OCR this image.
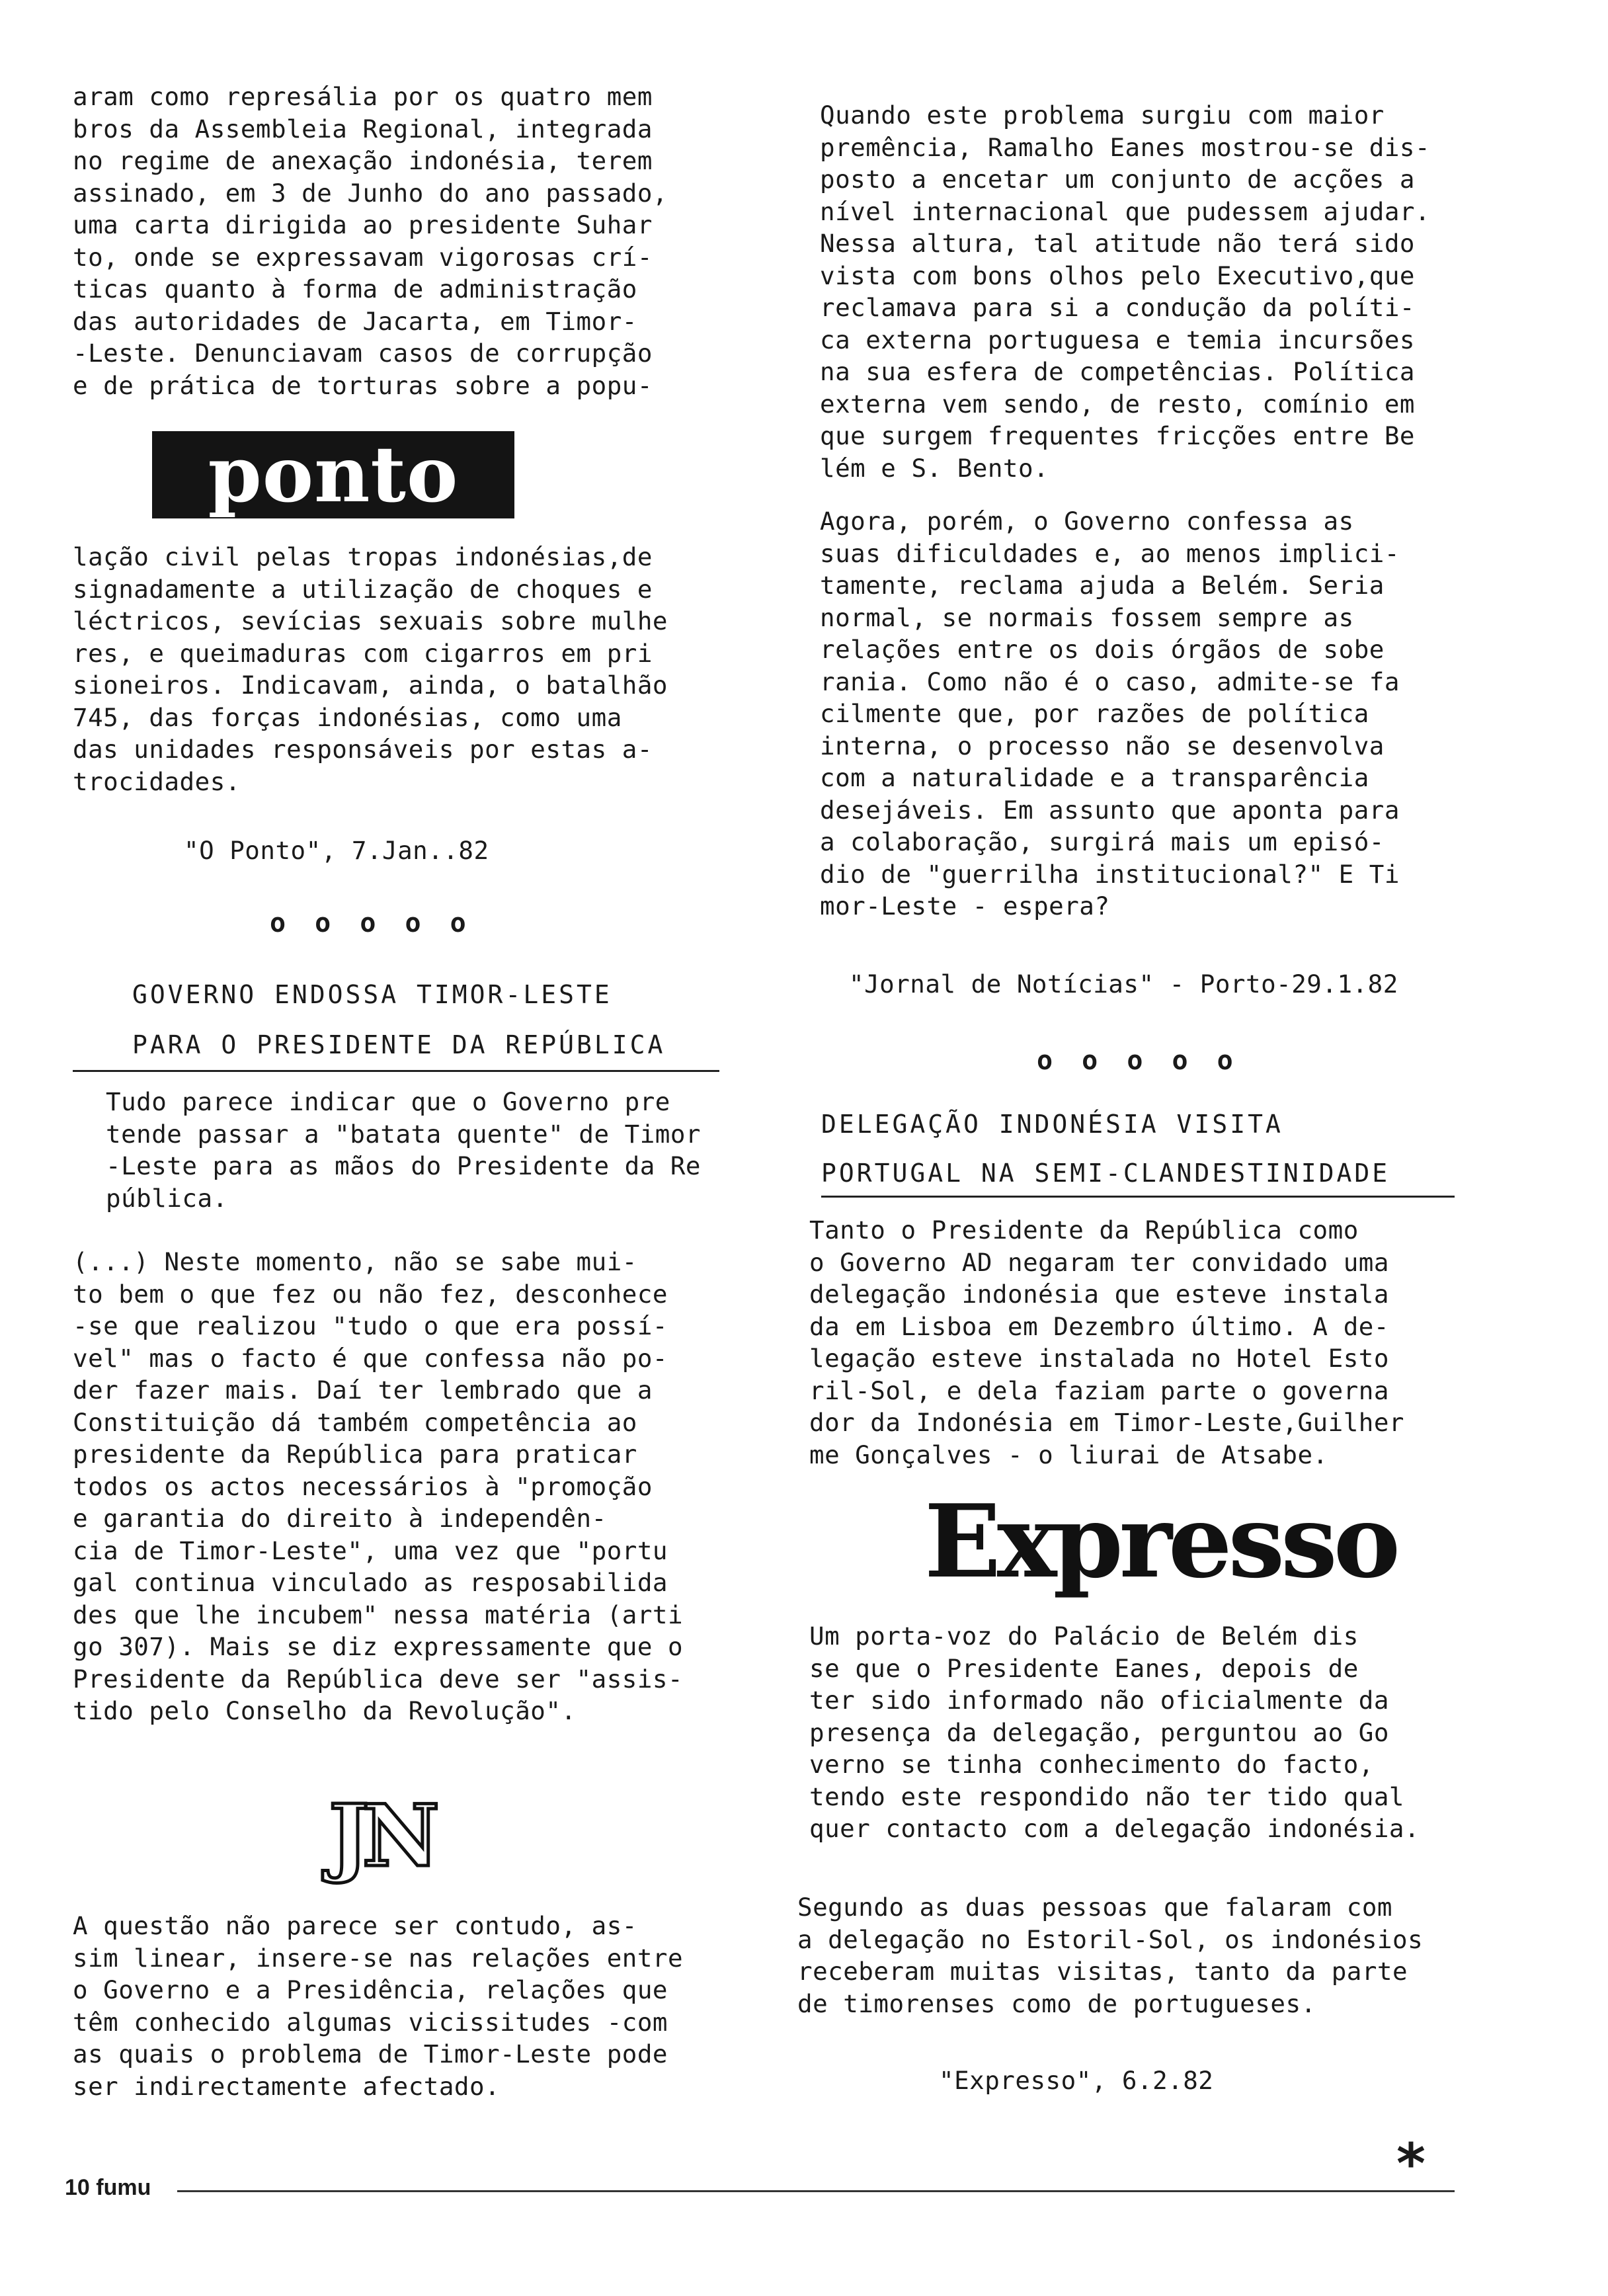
aram como represália por os quatro mem
bros da Assembleia Regional, integrada
no regime de anexação indonésia, terem
assinado, em 3 de Junho do ano passado,
uma carta dirigida ao presidente Suhar
to, onde se expressavam vigorosas crí-
ticas quanto à forma de administração
das autoridades de Jacarta, em Timor-
-Leste. Denunciavam casos de corrupção
e de prática de torturas sobre a popu-
ponto
lação civil pelas tropas indonésias,de
signadamente a utilização de choques e
léctricos, sevícias sexuais sobre mulhe
res, e queimaduras com cigarros em pri
sioneiros. Indicavam, ainda, o batalhão
745, das forças indonésias, como uma
das unidades responsáveis por estas a-
trocidades.
"O Ponto", 7.Jan..82
o o o o o
GOVERNO ENDOSSA TIMOR-LESTE
PARA O PRESIDENTE DA REPÚBLICA
Tudo parece indicar que o Governo pre
tende passar a "batata quente" de Timor
-Leste para as mãos do Presidente da Re
pública.
(...) Neste momento, não se sabe mui-
to bem o que fez ou não fez, desconhece
-se que realizou "tudo o que era possí-
vel" mas o facto é que confessa não po-
der fazer mais. Daí ter lembrado que a
Constituição dá também competência ao
presidente da República para praticar
todos os actos necessários à "promoção
e garantia do direito à independên-
cia de Timor-Leste", uma vez que "portu
gal continua vinculado as resposabilida
des que lhe incubem" nessa matéria (arti
go 307). Mais se diz expressamente que o
Presidente da República deve ser "assis-
tido pelo Conselho da Revolução".
JN
A questão não parece ser contudo, as-
sim linear, insere-se nas relações entre
o Governo e a Presidência, relações que
têm conhecido algumas vicissitudes -com
as quais o problema de Timor-Leste pode
ser indirectamente afectado.
Quando este problema surgiu com maior
premência, Ramalho Eanes mostrou-se dis-
posto a encetar um conjunto de acções a
nível internacional que pudessem ajudar.
Nessa altura, tal atitude não terá sido
vista com bons olhos pelo Executivo,que
reclamava para si a condução da políti-
ca externa portuguesa e temia incursões
na sua esfera de competências. Política
externa vem sendo, de resto, comínio em
que surgem frequentes fricções entre Be
lém e S. Bento.
Agora, porém, o Governo confessa as
suas dificuldades e, ao menos implici-
tamente, reclama ajuda a Belém. Seria
normal, se normais fossem sempre as
relações entre os dois órgãos de sobe
rania. Como não é o caso, admite-se fa
cilmente que, por razões de política
interna, o processo não se desenvolva
com a naturalidade e a transparência
desejáveis. Em assunto que aponta para
a colaboração, surgirá mais um episó-
dio de "guerrilha institucional?" E Ti
mor-Leste - espera?
"Jornal de Notícias" - Porto-29.1.82
o o o o o
DELEGAÇÃO INDONÉSIA VISITA
PORTUGAL NA SEMI-CLANDESTINIDADE
Tanto o Presidente da República como
o Governo AD negaram ter convidado uma
delegação indonésia que esteve instala
da em Lisboa em Dezembro último. A de-
legação esteve instalada no Hotel Esto
ril-Sol, e dela faziam parte o governa
dor da Indonésia em Timor-Leste,Guilher
me Gonçalves - o liurai de Atsabe.
Expresso
Um porta-voz do Palácio de Belém dis
se que o Presidente Eanes, depois de
ter sido informado não oficialmente da
presença da delegação, perguntou ao Go
verno se tinha conhecimento do facto,
tendo este respondido não ter tido qual
quer contacto com a delegação indonésia.
Segundo as duas pessoas que falaram com
a delegação no Estoril-Sol, os indonésios
receberam muitas visitas, tanto da parte
de timorenses como de portugueses.
"Expresso", 6.2.82
10 fumu	*
